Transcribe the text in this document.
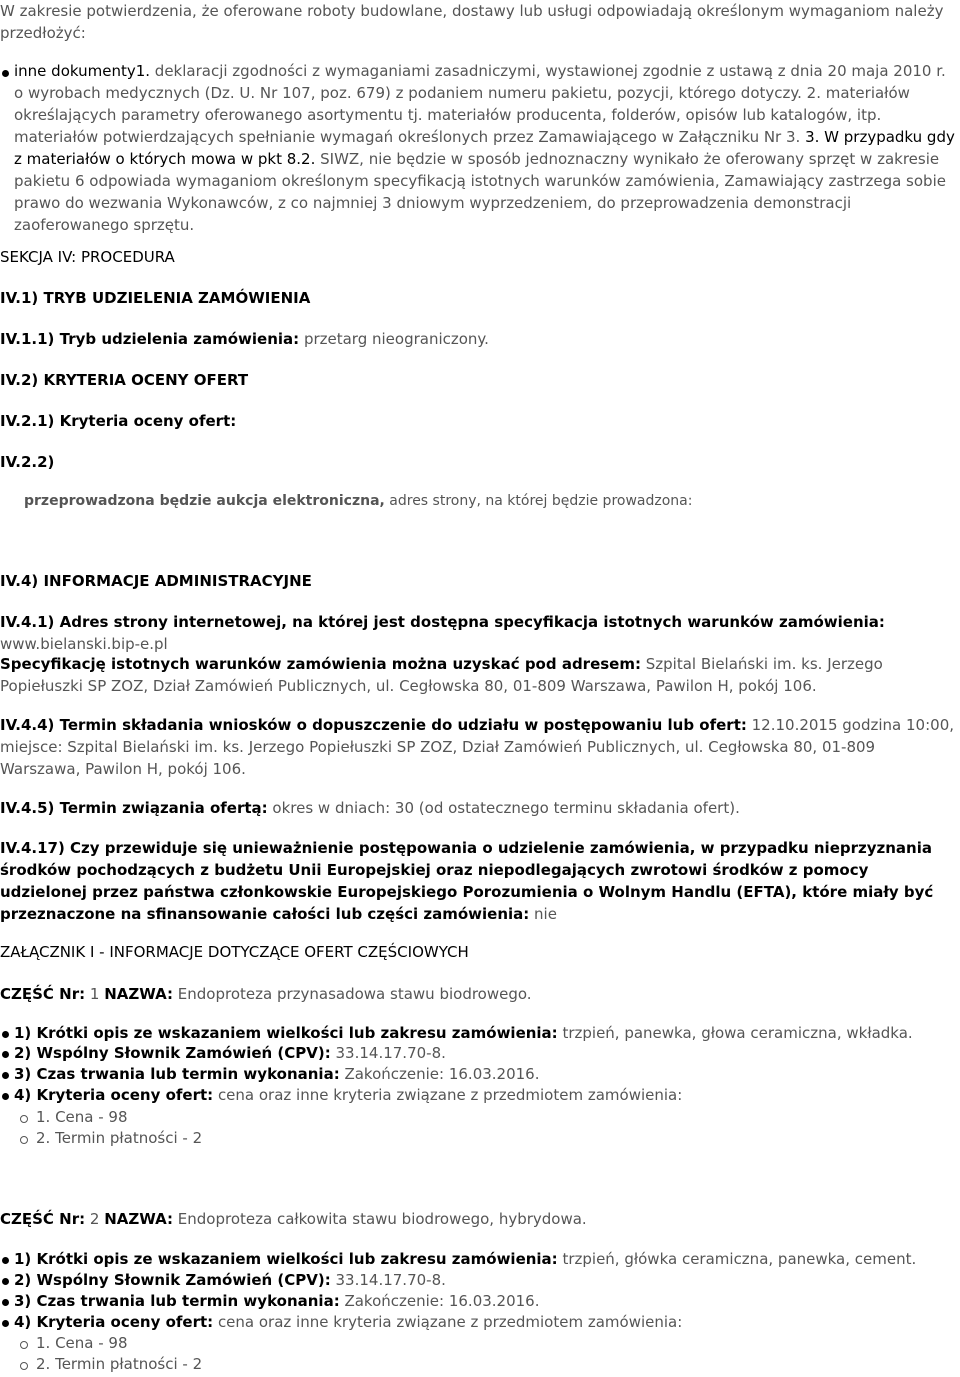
W zakresie potwierdzenia, że oferowane roboty budowlane, dostawy lub usługi odpowiadają określonym wymaganiom należy przedłożyć:

inne dokumenty1. deklaracji zgodności z wymaganiami zasadniczymi, wystawionej zgodnie z ustawą z dnia 20 maja 2010 r. o wyrobach medycznych (Dz. U. Nr 107, poz. 679) z podaniem numeru pakietu, pozycji, którego dotyczy. 2. materiałów określających parametry oferowanego asortymentu tj. materiałów producenta, folderów, opisów lub katalogów, itp. materiałów potwierdzających spełnianie wymagań określonych przez Zamawiającego w Załączniku Nr 3. 3. W przypadku gdy z materiałów o których mowa w pkt 8.2. SIWZ, nie będzie w sposób jednoznaczny wynikało że oferowany sprzęt w zakresie pakietu 6 odpowiada wymaganiom określonym specyfikacją istotnych warunków zamówienia, Zamawiający zastrzega sobie prawo do wezwania Wykonawców, z co najmniej 3 dniowym wyprzedzeniem, do przeprowadzenia demonstracji zaoferowanego sprzętu.

SEKCJA IV: PROCEDURA
IV.1) TRYB UDZIELENIA ZAMÓWIENIA
IV.1.1) Tryb udzielenia zamówienia: przetarg nieograniczony.
IV.2) KRYTERIA OCENY OFERT
IV.2.1) Kryteria oceny ofert:
IV.2.2)
przeprowadzona będzie aukcja elektroniczna, adres strony, na której będzie prowadzona:
IV.4) INFORMACJE ADMINISTRACYJNE

IV.4.1) Adres strony internetowej, na której jest dostępna specyfikacja istotnych warunków zamówienia: www.bielanski.bip-e.pl

Specyfikację istotnych warunków zamówienia można uzyskać pod adresem: Szpital Bielański im. ks. Jerzego Popiełuszki SP ZOZ, Dział Zamówień Publicznych, ul. Cegłowska 80, 01-809 Warszawa, Pawilon H, pokój 106.

IV.4.4) Termin składania wniosków o dopuszczenie do udziału w postępowaniu lub ofert: 12.10.2015 godzina 10:00, miejsce: Szpital Bielański im. ks. Jerzego Popiełuszki SP ZOZ, Dział Zamówień Publicznych, ul. Cegłowska 80, 01-809 Warszawa, Pawilon H, pokój 106.

IV.4.5) Termin związania ofertą: okres w dniach: 30 (od ostatecznego terminu składania ofert).

IV.4.17) Czy przewiduje się unieważnienie postępowania o udzielenie zamówienia, w przypadku nieprzyznania środków pochodzących z budżetu Unii Europejskiej oraz niepodlegających zwrotowi środków z pomocy udzielonej przez państwa członkowskie Europejskiego Porozumienia o Wolnym Handlu (EFTA), które miały być przeznaczone na sfinansowanie całości lub części zamówienia: nie

ZAŁĄCZNIK I - INFORMACJE DOTYCZĄCE OFERT CZĘŚCIOWYCH
CZĘŚĆ Nr: 1 NAZWA: Endoproteza przynasadowa stawu biodrowego.
1) Krótki opis ze wskazaniem wielkości lub zakresu zamówienia: trzpień, panewka, głowa ceramiczna, wkładka.
2) Wspólny Słownik Zamówień (CPV): 33.14.17.70-8.
3) Czas trwania lub termin wykonania: Zakończenie: 16.03.2016.
4) Kryteria oceny ofert: cena oraz inne kryteria związane z przedmiotem zamówienia:
1. Cena - 98
2. Termin płatności - 2
CZĘŚĆ Nr: 2 NAZWA: Endoproteza całkowita stawu biodrowego, hybrydowa.
1) Krótki opis ze wskazaniem wielkości lub zakresu zamówienia: trzpień, główka ceramiczna, panewka, cement.
2) Wspólny Słownik Zamówień (CPV): 33.14.17.70-8.
3) Czas trwania lub termin wykonania: Zakończenie: 16.03.2016.
4) Kryteria oceny ofert: cena oraz inne kryteria związane z przedmiotem zamówienia:
1. Cena - 98
2. Termin płatności - 2
